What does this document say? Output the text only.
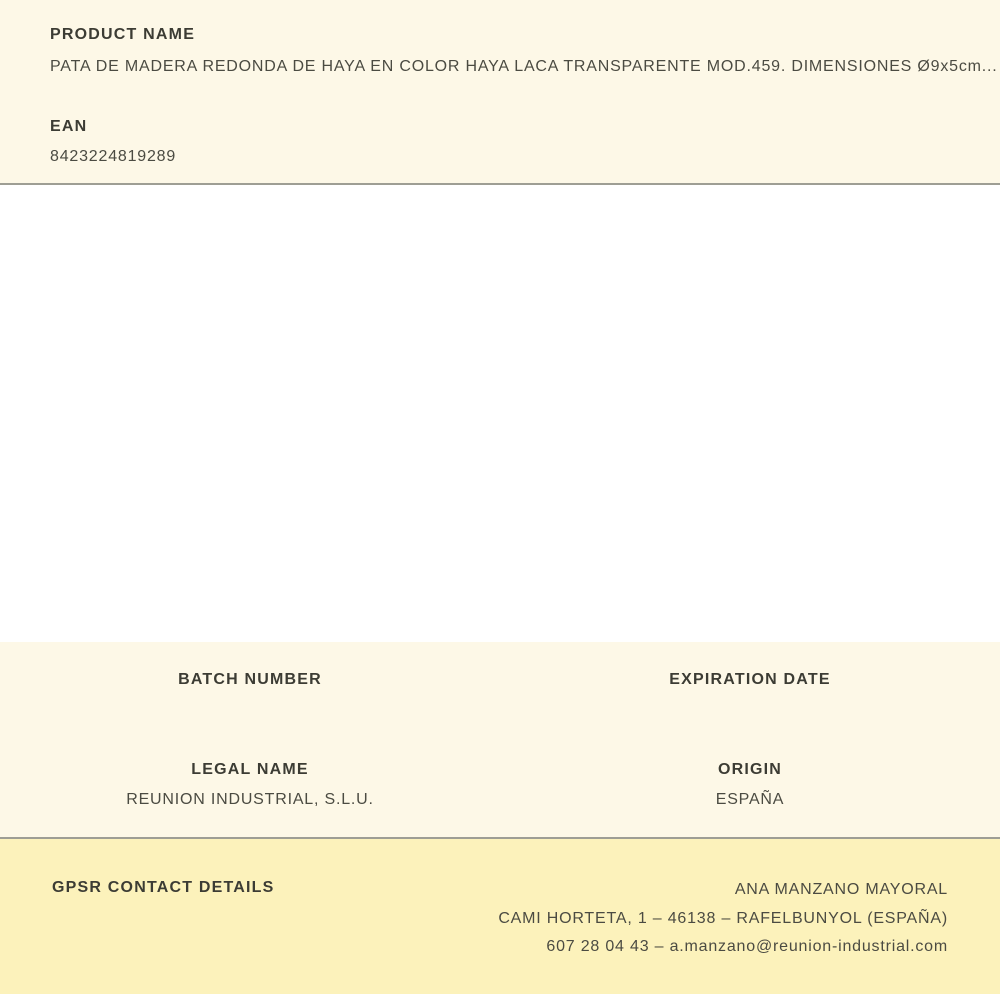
PRODUCT NAME
PATA DE MADERA REDONDA DE HAYA EN COLOR HAYA LACA TRANSPARENTE MOD.459. DIMENSIONES Ø9x5cm...
EAN
8423224819289
BATCH NUMBER	EXPIRATION DATE
LEGAL NAME
REUNION INDUSTRIAL, S.L.U.
ORIGIN
ESPAÑA
GPSR CONTACT DETAILS	ANA MANZANO MAYORAL
CAMI HORTETA, 1 – 46138 – RAFELBUNYOL (ESPAÑA)
607 28 04 43 – a.manzano@reunion-industrial.com
